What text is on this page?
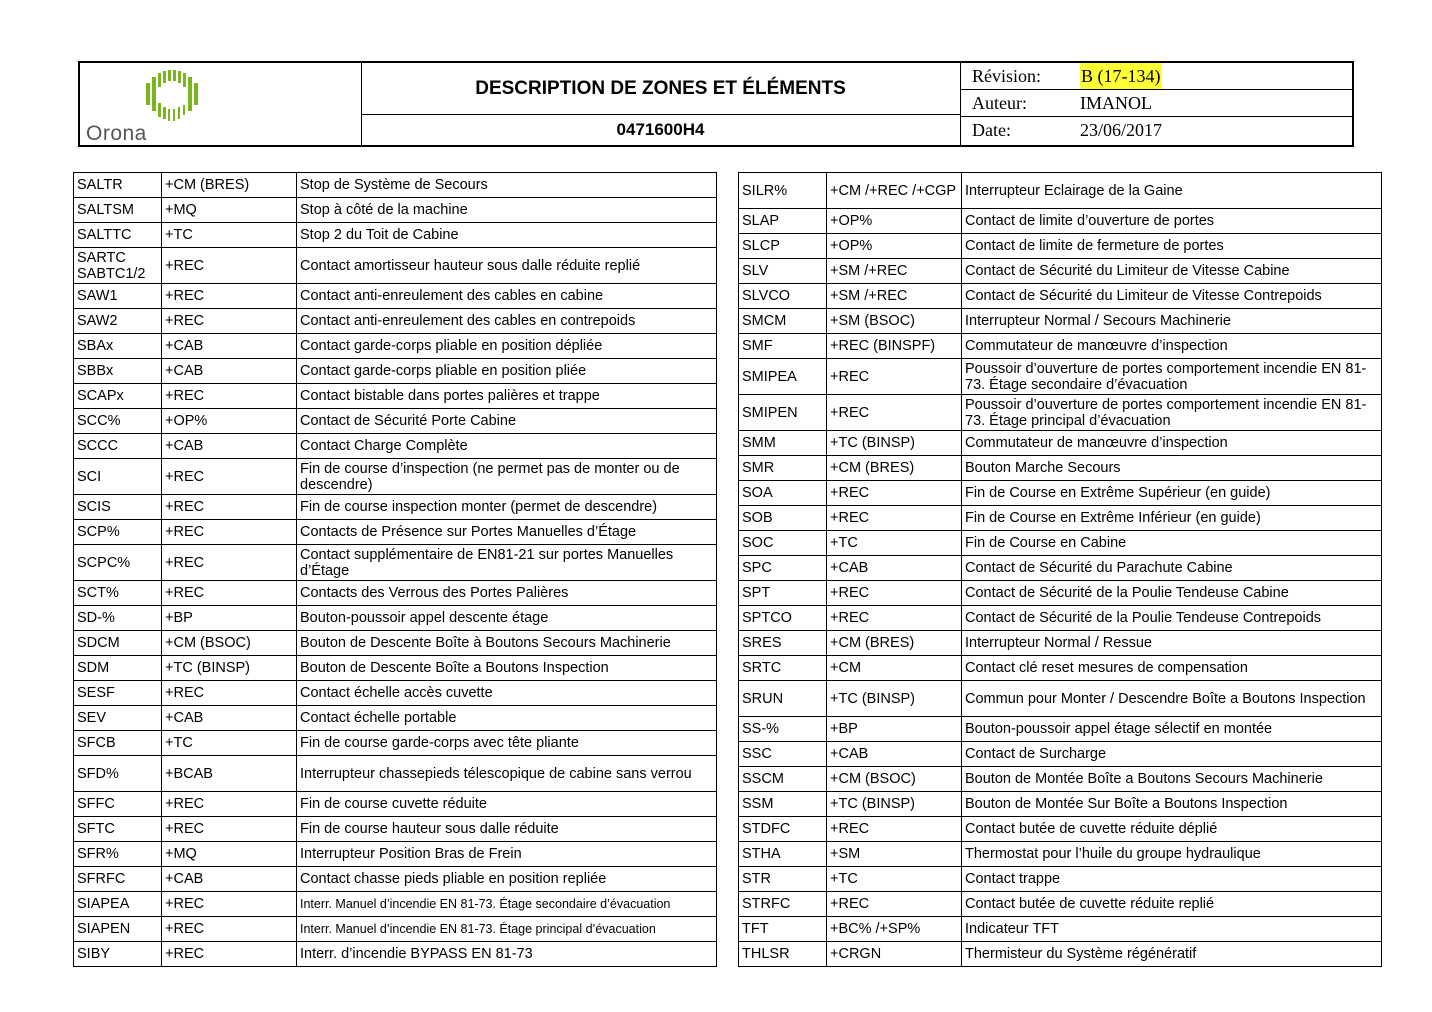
Orona
DESCRIPTION DE ZONES ET ÉLÉMENTS
0471600H4
Révision: B (17-134)
Auteur:	IMANOL
Date:	23/06/2017
SALTR	+CM (BRES)	Stop de Système de Secours
SALTSM	+MQ	Stop à côté de la machine
SALTTC	+TC	Stop 2 du Toit de Cabine
SARTC SABTC1/2	+REC	Contact amortisseur hauteur sous dalle réduite replié
SAW1	+REC	Contact anti-enreulement des cables en cabine
SAW2	+REC	Contact anti-enreulement des cables en contrepoids
SBAx	+CAB	Contact garde-corps pliable en position dépliée
SBBx	+CAB	Contact garde-corps pliable en position pliée
SCAPx	+REC	Contact bistable dans portes palières et trappe
SCC%	+OP%	Contact de Sécurité Porte Cabine
SCCC	+CAB	Contact Charge Complète
SCI	+REC	Fin de course d’inspection (ne permet pas de monter ou de descendre)
SCIS	+REC	Fin de course inspection monter (permet de descendre)
SCP%	+REC	Contacts de Présence sur Portes Manuelles d’Étage
SCPC%	+REC	Contact supplémentaire de EN81-21 sur portes Manuelles d’Étage
SCT%	+REC	Contacts des Verrous des Portes Palières
SD-%	+BP	Bouton-poussoir appel descente étage
SDCM	+CM (BSOC)	Bouton de Descente Boîte à Boutons Secours Machinerie
SDM	+TC (BINSP)	Bouton de Descente Boîte a Boutons Inspection
SESF	+REC	Contact échelle accès cuvette
SEV	+CAB	Contact échelle portable
SFCB	+TC	Fin de course garde-corps avec tête pliante
SFD%	+BCAB	Interrupteur chassepieds télescopique de cabine sans verrou
SFFC	+REC	Fin de course cuvette réduite
SFTC	+REC	Fin de course hauteur sous dalle réduite
SFR%	+MQ	Interrupteur Position Bras de Frein
SFRFC	+CAB	Contact chasse pieds pliable en position repliée
SIAPEA	+REC	Interr. Manuel d’incendie EN 81-73. Étage secondaire d’évacuation
SIAPEN	+REC	Interr. Manuel d’incendie EN 81-73. Étage principal d’évacuation
SIBY	+REC	Interr. d’incendie BYPASS EN 81-73
SILR%	+CM /+REC /+CGP	Interrupteur Eclairage de la Gaine
SLAP	+OP%	Contact de limite d’ouverture de portes
SLCP	+OP%	Contact de limite de fermeture de portes
SLV	+SM /+REC	Contact de Sécurité du Limiteur de Vitesse Cabine
SLVCO	+SM /+REC	Contact de Sécurité du Limiteur de Vitesse Contrepoids
SMCM	+SM (BSOC)	Interrupteur Normal / Secours Machinerie
SMF	+REC (BINSPF)	Commutateur de manœuvre d’inspection
SMIPEA	+REC	Poussoir d’ouverture de portes comportement incendie EN 81-73. Étage secondaire d’évacuation
SMIPEN	+REC	Poussoir d’ouverture de portes comportement incendie EN 81-73. Étage principal d’évacuation
SMM	+TC (BINSP)	Commutateur de manœuvre d’inspection
SMR	+CM (BRES)	Bouton Marche Secours
SOA	+REC	Fin de Course en Extrême Supérieur (en guide)
SOB	+REC	Fin de Course en Extrême Inférieur (en guide)
SOC	+TC	Fin de Course en Cabine
SPC	+CAB	Contact de Sécurité du Parachute Cabine
SPT	+REC	Contact de Sécurité de la Poulie Tendeuse Cabine
SPTCO	+REC	Contact de Sécurité de la Poulie Tendeuse Contrepoids
SRES	+CM (BRES)	Interrupteur Normal / Ressue
SRTC	+CM	Contact clé reset mesures de compensation
SRUN	+TC (BINSP)	Commun pour Monter / Descendre Boîte a Boutons Inspection
SS-%	+BP	Bouton-poussoir appel étage sélectif en montée
SSC	+CAB	Contact de Surcharge
SSCM	+CM (BSOC)	Bouton de Montée Boîte a Boutons Secours Machinerie
SSM	+TC (BINSP)	Bouton de Montée Sur Boîte a Boutons Inspection
STDFC	+REC	Contact butée de cuvette réduite déplié
STHA	+SM	Thermostat pour l’huile du groupe hydraulique
STR	+TC	Contact trappe
STRFC	+REC	Contact butée de cuvette réduite replié
TFT	+BC% /+SP%	Indicateur TFT
THLSR	+CRGN	Thermisteur du Système régénératif
